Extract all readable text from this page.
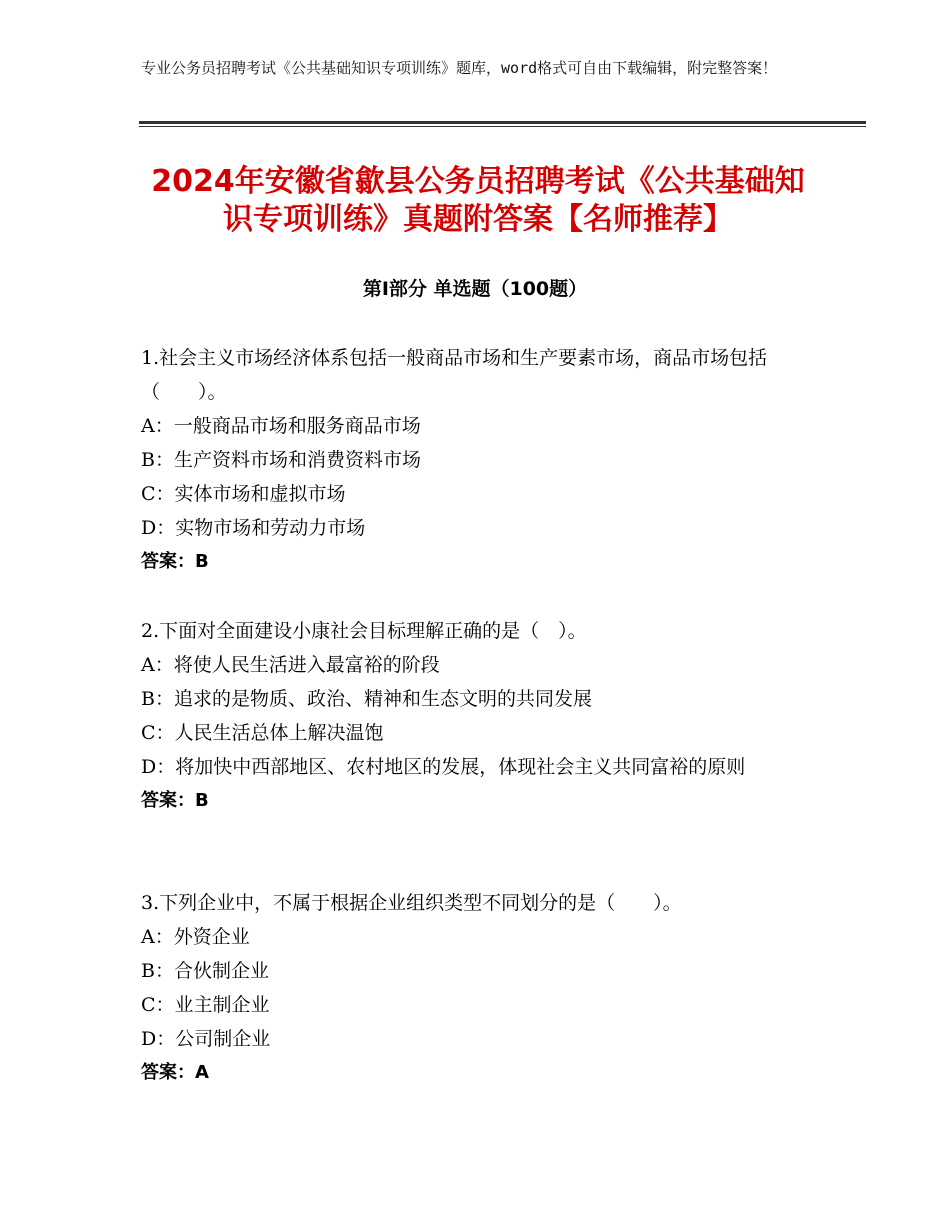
专业公务员招聘考试《公共基础知识专项训练》题库，word格式可自由下载编辑，附完整答案！
2024年安徽省歙县公务员招聘考试《公共基础知识专项训练》真题附答案【名师推荐】
第I部分 单选题（100题）
1.社会主义市场经济体系包括一般商品市场和生产要素市场，商品市场包括（　　）。
A：一般商品市场和服务商品市场
B：生产资料市场和消费资料市场
C：实体市场和虚拟市场
D：实物市场和劳动力市场
答案：B
2.下面对全面建设小康社会目标理解正确的是（　）。
A：将使人民生活进入最富裕的阶段
B：追求的是物质、政治、精神和生态文明的共同发展
C：人民生活总体上解决温饱
D：将加快中西部地区、农村地区的发展，体现社会主义共同富裕的原则
答案：B
3.下列企业中，不属于根据企业组织类型不同划分的是（　　）。
A：外资企业
B：合伙制企业
C：业主制企业
D：公司制企业
答案：A
